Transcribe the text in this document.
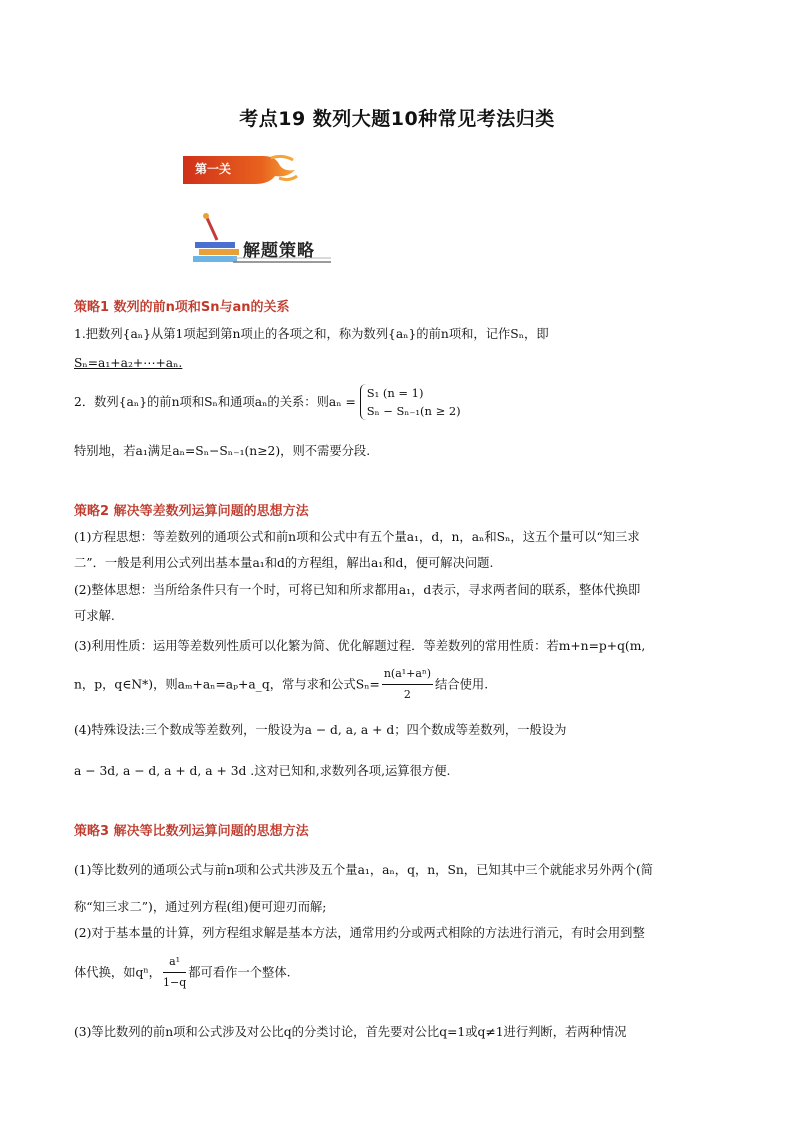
考点19 数列大题10种常见考法归类
第一关
解题策略
策略1 数列的前n项和Sn与an的关系
1.把数列{aₙ}从第1项起到第n项止的各项之和，称为数列{aₙ}的前n项和，记作Sₙ，即
Sₙ=a₁+a₂+⋯+aₙ.
2．数列{aₙ}的前n项和Sₙ和通项aₙ的关系：则aₙ =
S₁ (n = 1)
Sₙ − Sₙ₋₁(n ≥ 2)
特别地，若a₁满足aₙ=Sₙ−Sₙ₋₁(n≥2)，则不需要分段.
策略2 解决等差数列运算问题的思想方法
(1)方程思想：等差数列的通项公式和前n项和公式中有五个量a₁，d，n，aₙ和Sₙ，这五个量可以“知三求
二”．一般是利用公式列出基本量a₁和d的方程组，解出a₁和d，便可解决问题.
(2)整体思想：当所给条件只有一个时，可将已知和所求都用a₁，d表示，寻求两者间的联系，整体代换即
可求解.
(3)利用性质：运用等差数列性质可以化繁为简、优化解题过程．等差数列的常用性质：若m+n=p+q(m,
n，p，q∈N*)，则aₘ+aₙ=aₚ+a_q，常与求和公式$S_n= \frac{\text{n(a¹+aⁿ)}}{2}$ 结合使用.
(4)特殊设法:三个数成等差数列，一般设为a − d, a, a + d；四个数成等差数列，一般设为
a − 3d, a − d, a + d, a + 3d .这对已知和,求数列各项,运算很方便.
策略3 解决等比数列运算问题的思想方法
(1)等比数列的通项公式与前n项和公式共涉及五个量a₁，aₙ，q，n，Sn，已知其中三个就能求另外两个(简
称“知三求二”)，通过列方程(组)便可迎刃而解;
(2)对于基本量的计算，列方程组求解是基本方法，通常用约分或两式相除的方法进行消元，有时会用到整
体代换，如qⁿ， $\frac{\text{a¹}}{1-q}$ 都可看作一个整体.
(3)等比数列的前n项和公式涉及对公比q的分类讨论，首先要对公比q=1或q≠1进行判断，若两种情况
